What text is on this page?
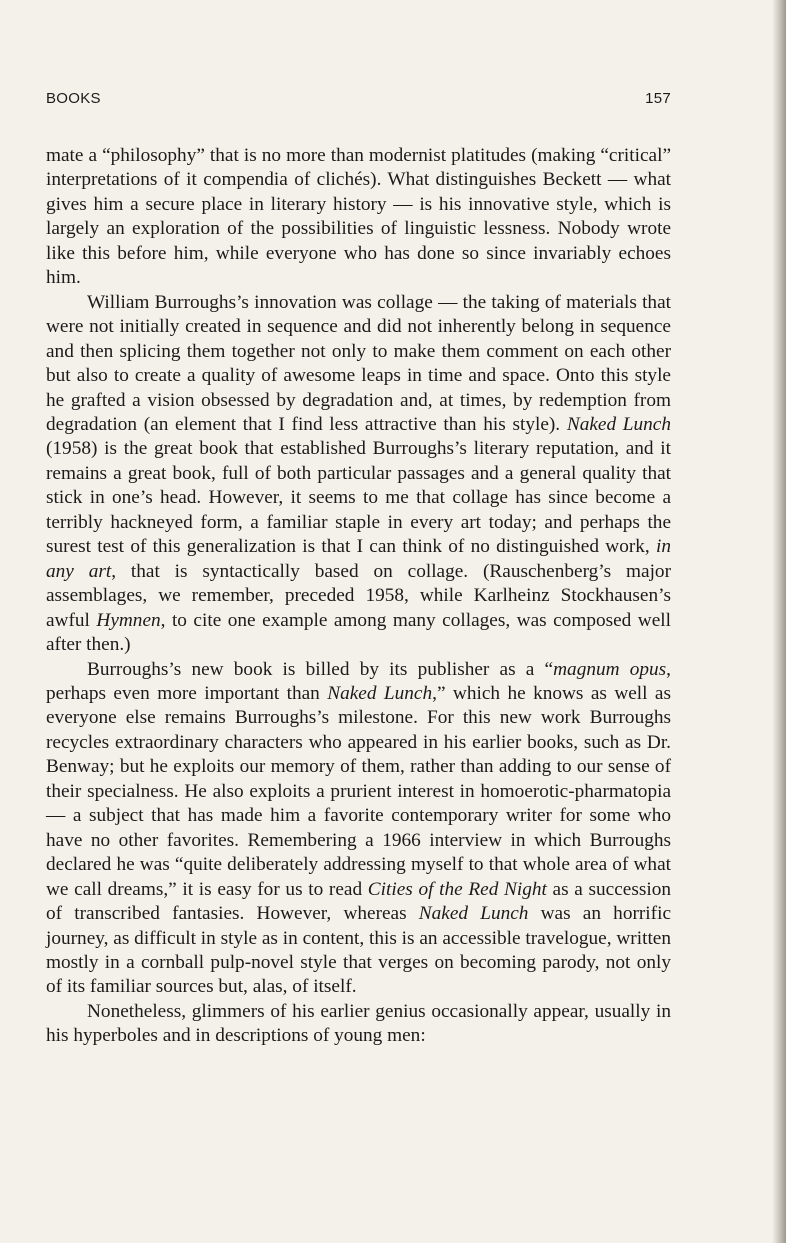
BOOKS	157

mate a “philosophy” that is no more than modernist platitudes (making “critical” interpretations of it compendia of clichés). What distinguishes Beckett — what gives him a secure place in literary history — is his innovative style, which is largely an exploration of the possibilities of linguistic lessness. Nobody wrote like this before him, while everyone who has done so since invariably echoes him.

William Burroughs’s innovation was collage — the taking of materials that were not initially created in sequence and did not inherently belong in sequence and then splicing them together not only to make them comment on each other but also to create a quality of awesome leaps in time and space. Onto this style he grafted a vision obsessed by degradation and, at times, by redemption from degradation (an element that I find less attractive than his style). Naked Lunch (1958) is the great book that established Burroughs’s literary reputation, and it remains a great book, full of both particular passages and a general quality that stick in one’s head. However, it seems to me that collage has since become a terribly hackneyed form, a familiar staple in every art today; and perhaps the surest test of this generalization is that I can think of no distinguished work, in any art, that is syntactically based on collage. (Rauschenberg’s major assemblages, we remember, preceded 1958, while Karlheinz Stockhausen’s awful Hymnen, to cite one example among many collages, was composed well after then.)

Burroughs’s new book is billed by its publisher as a “magnum opus, perhaps even more important than Naked Lunch,” which he knows as well as everyone else remains Burroughs’s milestone. For this new work Burroughs recycles extraordinary characters who appeared in his earlier books, such as Dr. Benway; but he exploits our memory of them, rather than adding to our sense of their specialness. He also exploits a prurient interest in homoerotic-pharmatopia — a subject that has made him a favorite contemporary writer for some who have no other favorites. Remembering a 1966 interview in which Burroughs declared he was “quite deliberately addressing myself to that whole area of what we call dreams,” it is easy for us to read Cities of the Red Night as a succession of transcribed fantasies. However, whereas Naked Lunch was an horrific journey, as difficult in style as in content, this is an accessible travelogue, written mostly in a cornball pulp-novel style that verges on becoming parody, not only of its familiar sources but, alas, of itself.

Nonetheless, glimmers of his earlier genius occasionally appear, usually in his hyperboles and in descriptions of young men:
